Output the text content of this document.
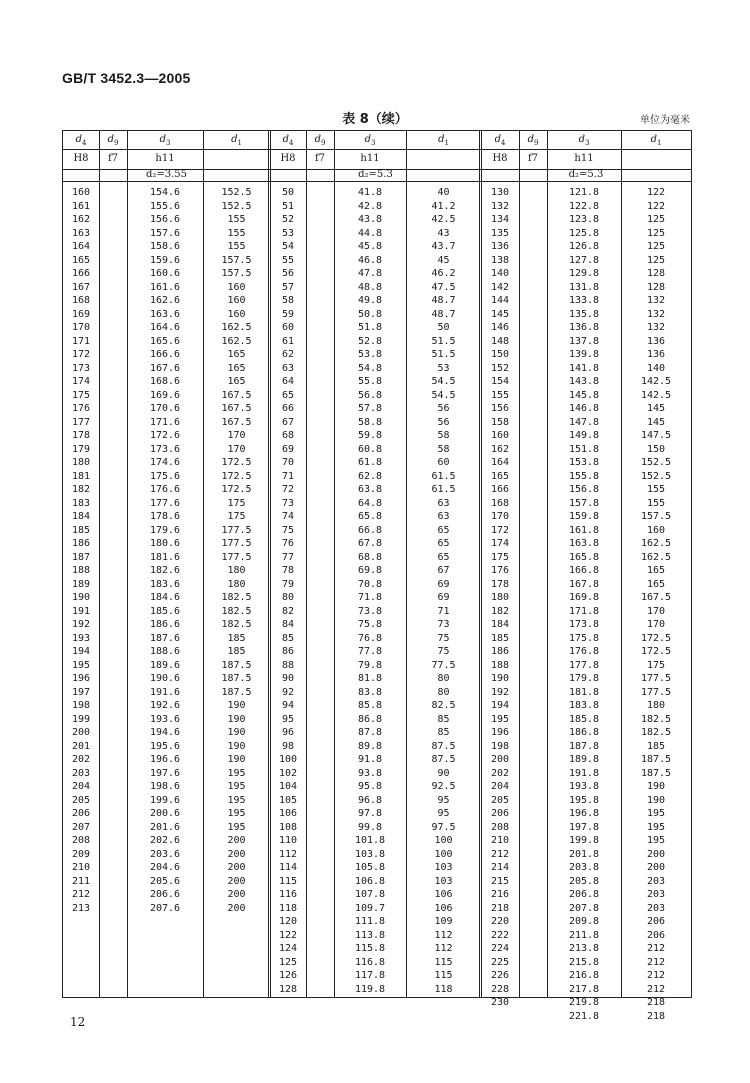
GB/T 3452.3—2005
表 8（续）	单位为毫米
$d_4$
H8
160
161
162
163
164
165
166
167
168
169
170
171
172
173
174
175
176
177
178
179
180
181
182
183
184
185
186
187
188
189
190
191
192
193
194
195
196
197
198
199
200
201
202
203
204
205
206
207
208
209
210
211
212
213
$d_9$
f7
$d_3$
h11
154.6
155.6
156.6
157.6
158.6
159.6
160.6
161.6
162.6
163.6
164.6
165.6
166.6
167.6
168.6
169.6
170.6
171.6
172.6
173.6
174.6
175.6
176.6
177.6
178.6
179.6
180.6
181.6
182.6
183.6
184.6
185.6
186.6
187.6
188.6
189.6
190.6
191.6
192.6
193.6
194.6
195.6
196.6
197.6
198.6
199.6
200.6
201.6
202.6
203.6
204.6
205.6
206.6
207.6
$d_1$
152.5
152.5
155
155
155
157.5
157.5
160
160
160
162.5
162.5
165
165
165
167.5
167.5
167.5
170
170
172.5
172.5
172.5
175
175
177.5
177.5
177.5
180
180
182.5
182.5
182.5
185
185
187.5
187.5
187.5
190
190
190
190
190
195
195
195
195
195
200
200
200
200
200
200
d₂=3.55
$d_4$
H8
50
51
52
53
54
55
56
57
58
59
60
61
62
63
64
65
66
67
68
69
70
71
72
73
74
75
76
77
78
79
80
82
84
85
86
88
90
92
94
95
96
98
100
102
104
105
106
108
110
112
114
115
116
118
120
122
124
125
126
128
$d_9$
f7
$d_3$
h11
41.8
42.8
43.8
44.8
45.8
46.8
47.8
48.8
49.8
50.8
51.8
52.8
53.8
54.8
55.8
56.8
57.8
58.8
59.8
60.8
61.8
62.8
63.8
64.8
65.8
66.8
67.8
68.8
69.8
70.8
71.8
73.8
75.8
76.8
77.8
79.8
81.8
83.8
85.8
86.8
87.8
89.8
91.8
93.8
95.8
96.8
97.8
99.8
101.8
103.8
105.8
106.8
107.8
109.7
111.8
113.8
115.8
116.8
117.8
119.8
$d_1$
40
41.2
42.5
43
43.7
45
46.2
47.5
48.7
48.7
50
51.5
51.5
53
54.5
54.5
56
56
58
58
60
61.5
61.5
63
63
65
65
65
67
69
69
71
73
75
75
77.5
80
80
82.5
85
85
87.5
87.5
90
92.5
95
95
97.5
100
100
103
103
106
106
109
112
112
115
115
118
d₂=5.3
$d_4$
H8
130
132
134
135
136
138
140
142
144
145
146
148
150
152
154
155
156
158
160
162
164
165
166
168
170
172
174
175
176
178
180
182
184
185
186
188
190
192
194
195
196
198
200
202
204
205
206
208
210
212
214
215
216
218
220
222
224
225
226
228
230
$d_9$
f7
$d_3$
h11
121.8
122.8
123.8
125.8
126.8
127.8
129.8
131.8
133.8
135.8
136.8
137.8
139.8
141.8
143.8
145.8
146.8
147.8
149.8
151.8
153.8
155.8
156.8
157.8
159.8
161.8
163.8
165.8
166.8
167.8
169.8
171.8
173.8
175.8
176.8
177.8
179.8
181.8
183.8
185.8
186.8
187.8
189.8
191.8
193.8
195.8
196.8
197.8
199.8
201.8
203.8
205.8
206.8
207.8
209.8
211.8
213.8
215.8
216.8
217.8
219.8
221.8
$d_1$
122
122
125
125
125
125
128
128
132
132
132
136
136
140
142.5
142.5
145
145
147.5
150
152.5
152.5
155
155
157.5
160
162.5
162.5
165
165
167.5
170
170
172.5
172.5
175
177.5
177.5
180
182.5
182.5
185
187.5
187.5
190
190
195
195
195
200
200
203
203
203
206
206
212
212
212
212
218
218
d₂=5.3
12
